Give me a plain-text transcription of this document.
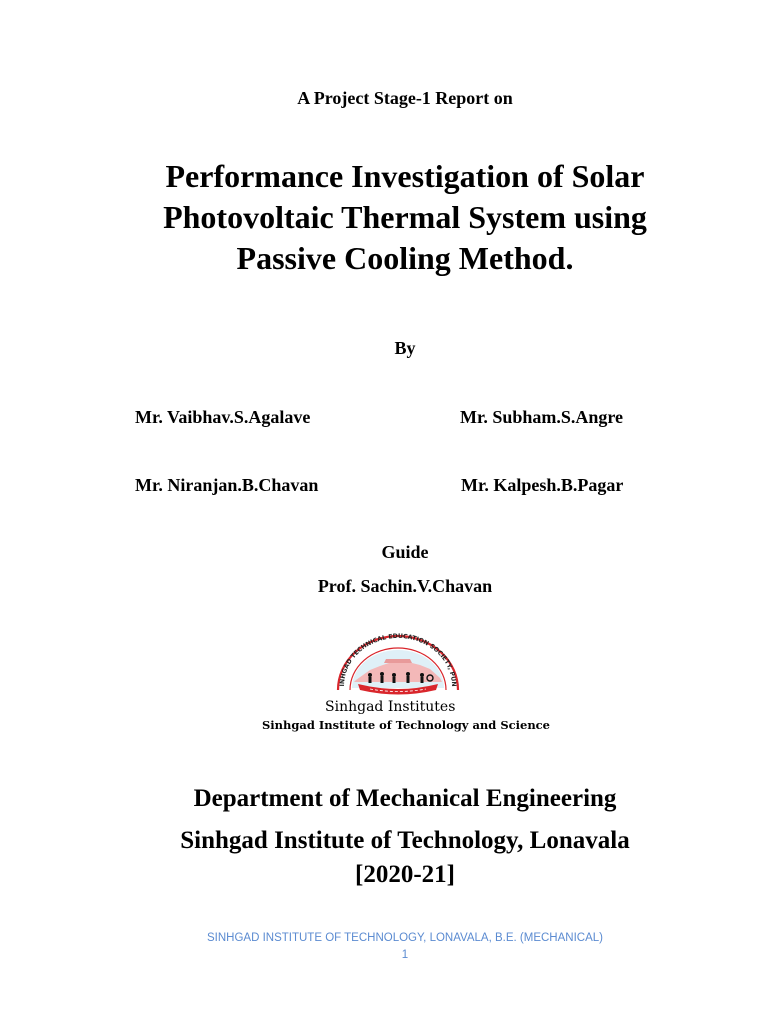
A Project Stage-1 Report on
Performance Investigation of Solar
Photovoltaic Thermal System using
Passive Cooling Method.
By
Mr. Vaibhav.S.Agalave	Mr. Subham.S.Angre
Mr. Niranjan.B.Chavan	Mr. Kalpesh.B.Pagar
Guide
Prof. Sachin.V.Chavan
INHGAD TECHNICAL EDUCATION SOCIETY, PUN
Sinhgad Institutes
Sinhgad Institute of Technology and Science
Department of Mechanical Engineering
Sinhgad Institute of Technology, Lonavala
[2020-21]
SINHGAD INSTITUTE OF TECHNOLOGY, LONAVALA, B.E. (MECHANICAL)
1
